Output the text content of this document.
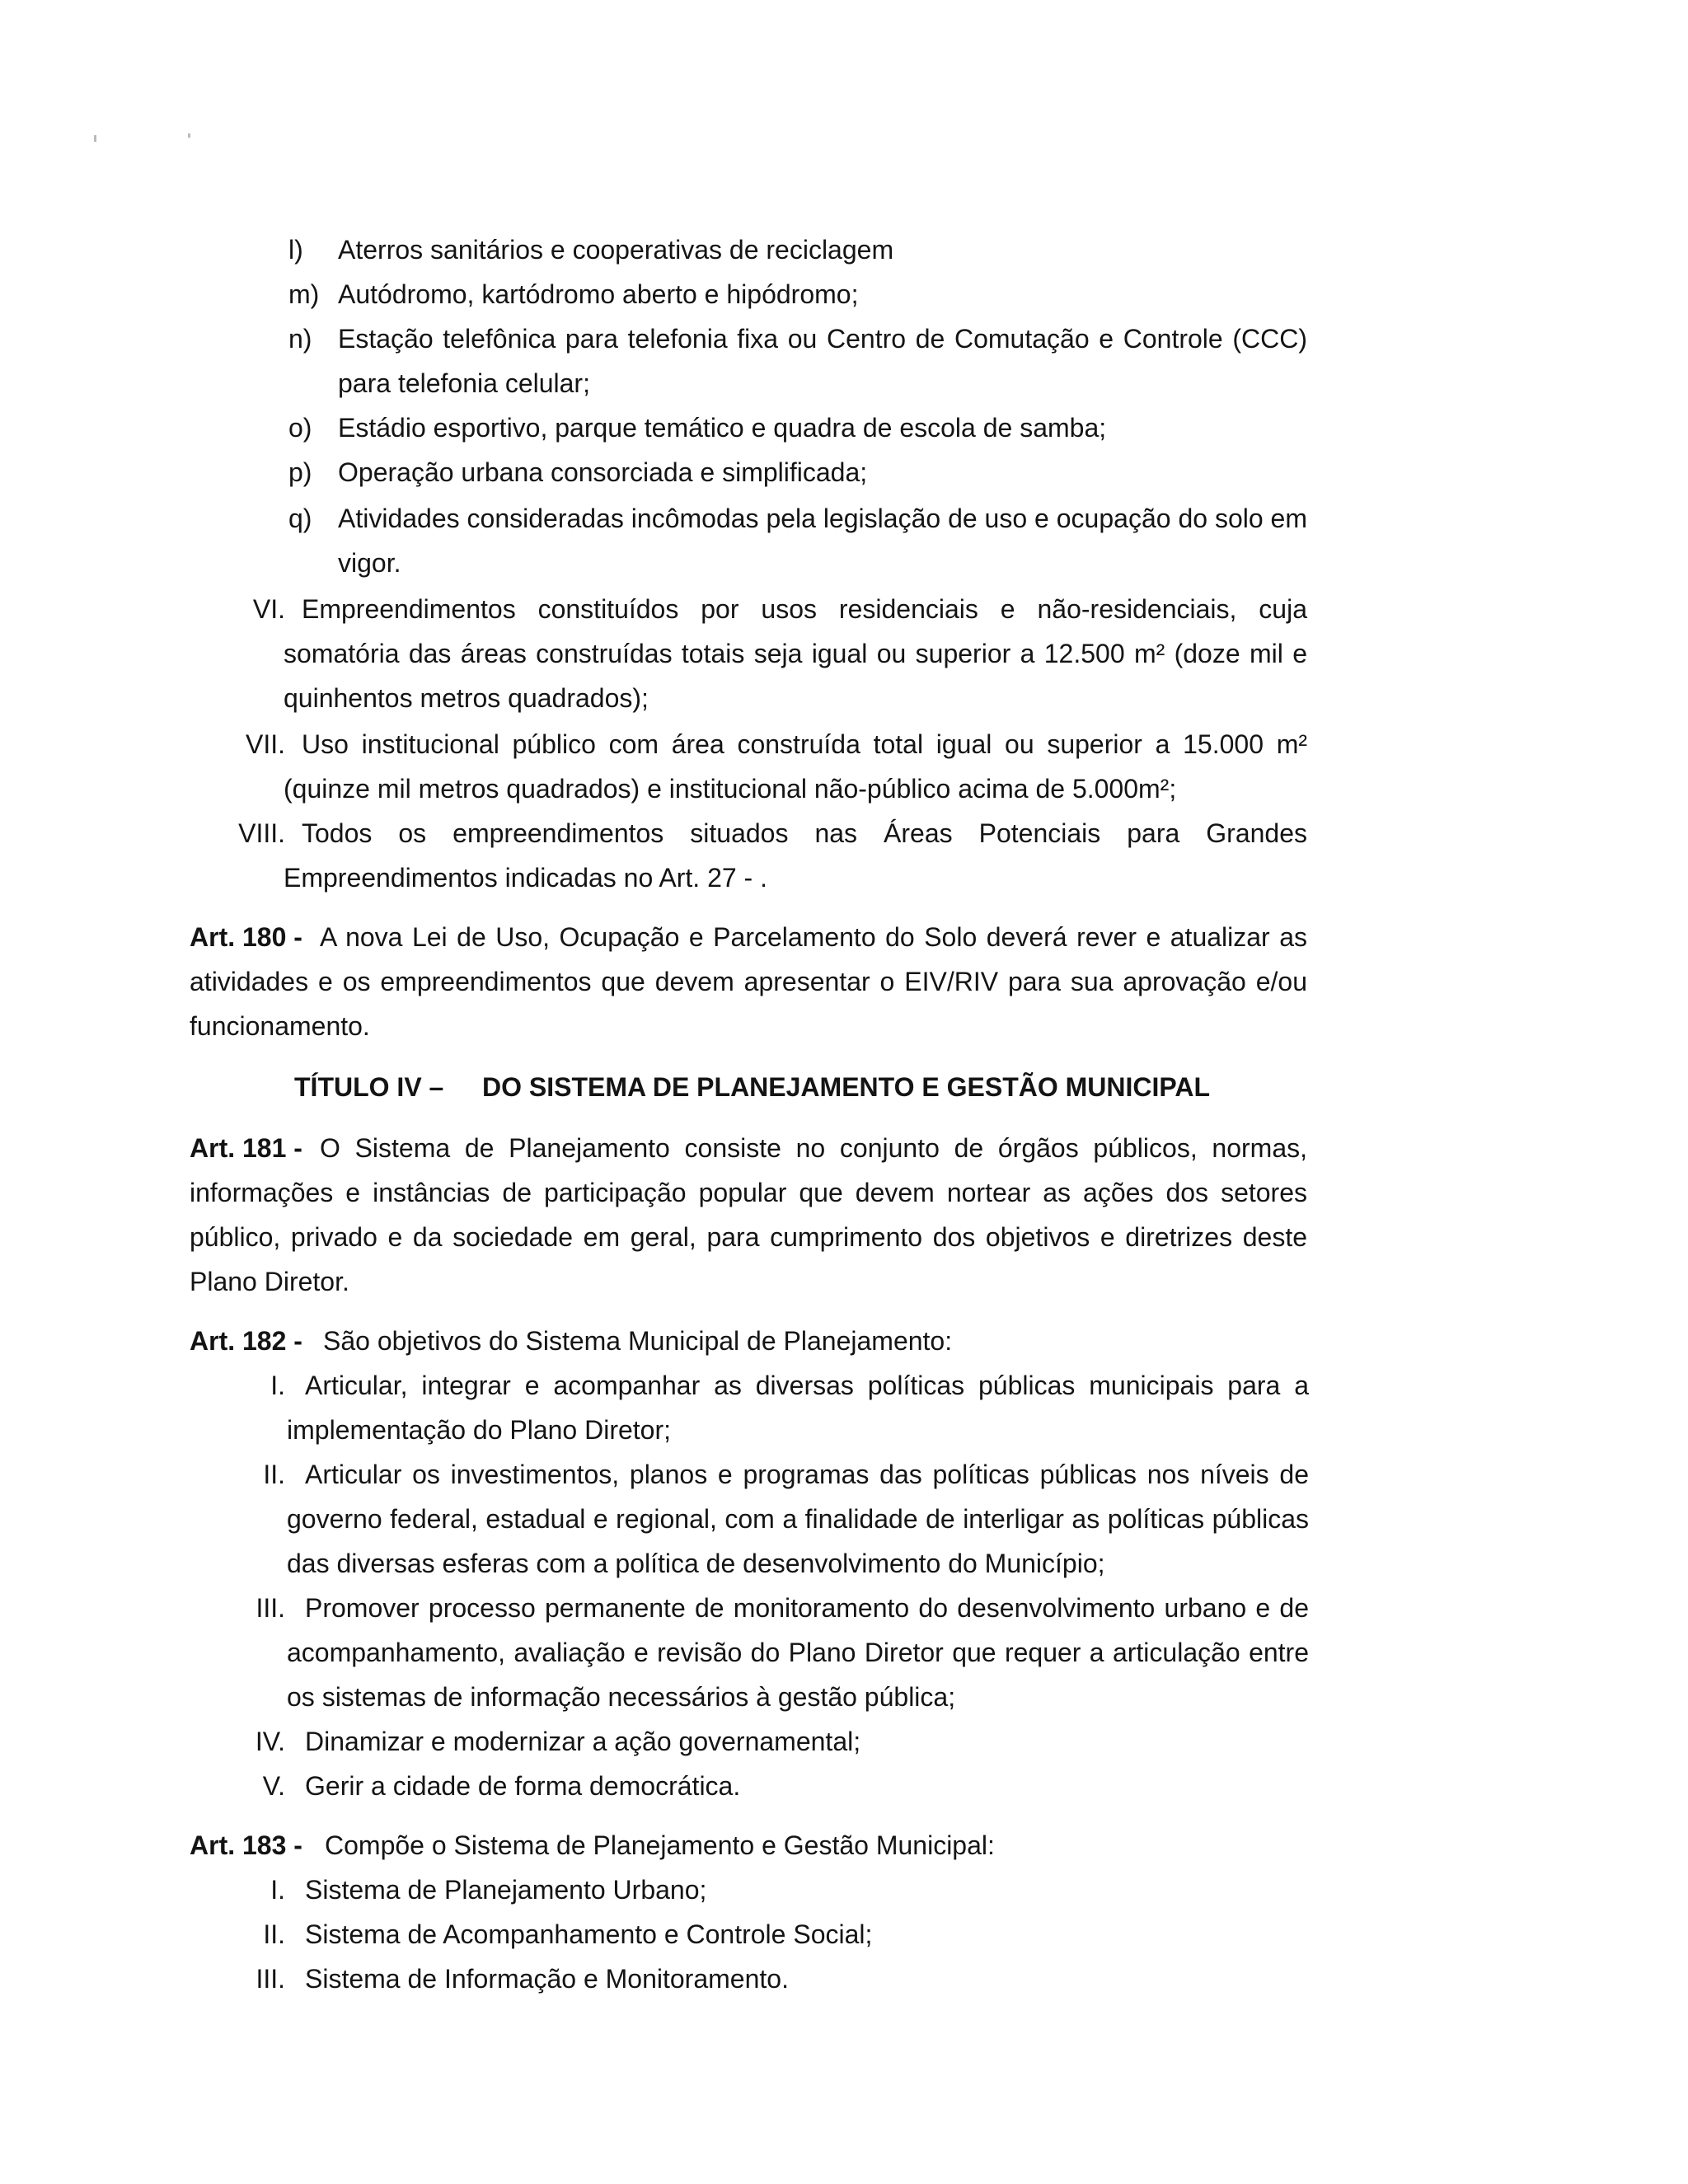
l)	Aterros sanitários e cooperativas de reciclagem
m) Autódromo, kartódromo aberto e hipódromo;
n) Estação telefônica para telefonia fixa ou Centro de Comutação e Controle (CCC)
para telefonia celular;
o) Estádio esportivo, parque temático e quadra de escola de samba;
p) Operação urbana consorciada e simplificada;
q) Atividades consideradas incômodas pela legislação de uso e ocupação do solo em
vigor.
VI. Empreendimentos constituídos por usos residenciais e não-residenciais, cuja
somatória das áreas construídas totais seja igual ou superior a 12.500 m² (doze mil e
quinhentos metros quadrados);
VII. Uso institucional público com área construída total igual ou superior a 15.000 m²
(quinze mil metros quadrados) e institucional não-público acima de 5.000m²;
VIII. Todos os empreendimentos situados nas Áreas Potenciais para Grandes
Empreendimentos indicadas no Art. 27 - .
Art. 180 - A nova Lei de Uso, Ocupação e Parcelamento do Solo deverá rever e atualizar as
atividades e os empreendimentos que devem apresentar o EIV/RIV para sua aprovação e/ou
funcionamento.
TÍTULO IV – DO SISTEMA DE PLANEJAMENTO E GESTÃO MUNICIPAL
Art. 181 - O Sistema de Planejamento consiste no conjunto de órgãos públicos, normas,
informações e instâncias de participação popular que devem nortear as ações dos setores
público, privado e da sociedade em geral, para cumprimento dos objetivos e diretrizes deste
Plano Diretor.
Art. 182 - São objetivos do Sistema Municipal de Planejamento:
I. Articular, integrar e acompanhar as diversas políticas públicas municipais para a
implementação do Plano Diretor;
II. Articular os investimentos, planos e programas das políticas públicas nos níveis de
governo federal, estadual e regional, com a finalidade de interligar as políticas públicas
das diversas esferas com a política de desenvolvimento do Município;
III. Promover processo permanente de monitoramento do desenvolvimento urbano e de
acompanhamento, avaliação e revisão do Plano Diretor que requer a articulação entre
os sistemas de informação necessários à gestão pública;
IV. Dinamizar e modernizar a ação governamental;
V. Gerir a cidade de forma democrática.
Art. 183 - Compõe o Sistema de Planejamento e Gestão Municipal:
I. Sistema de Planejamento Urbano;
II. Sistema de Acompanhamento e Controle Social;
III. Sistema de Informação e Monitoramento.
